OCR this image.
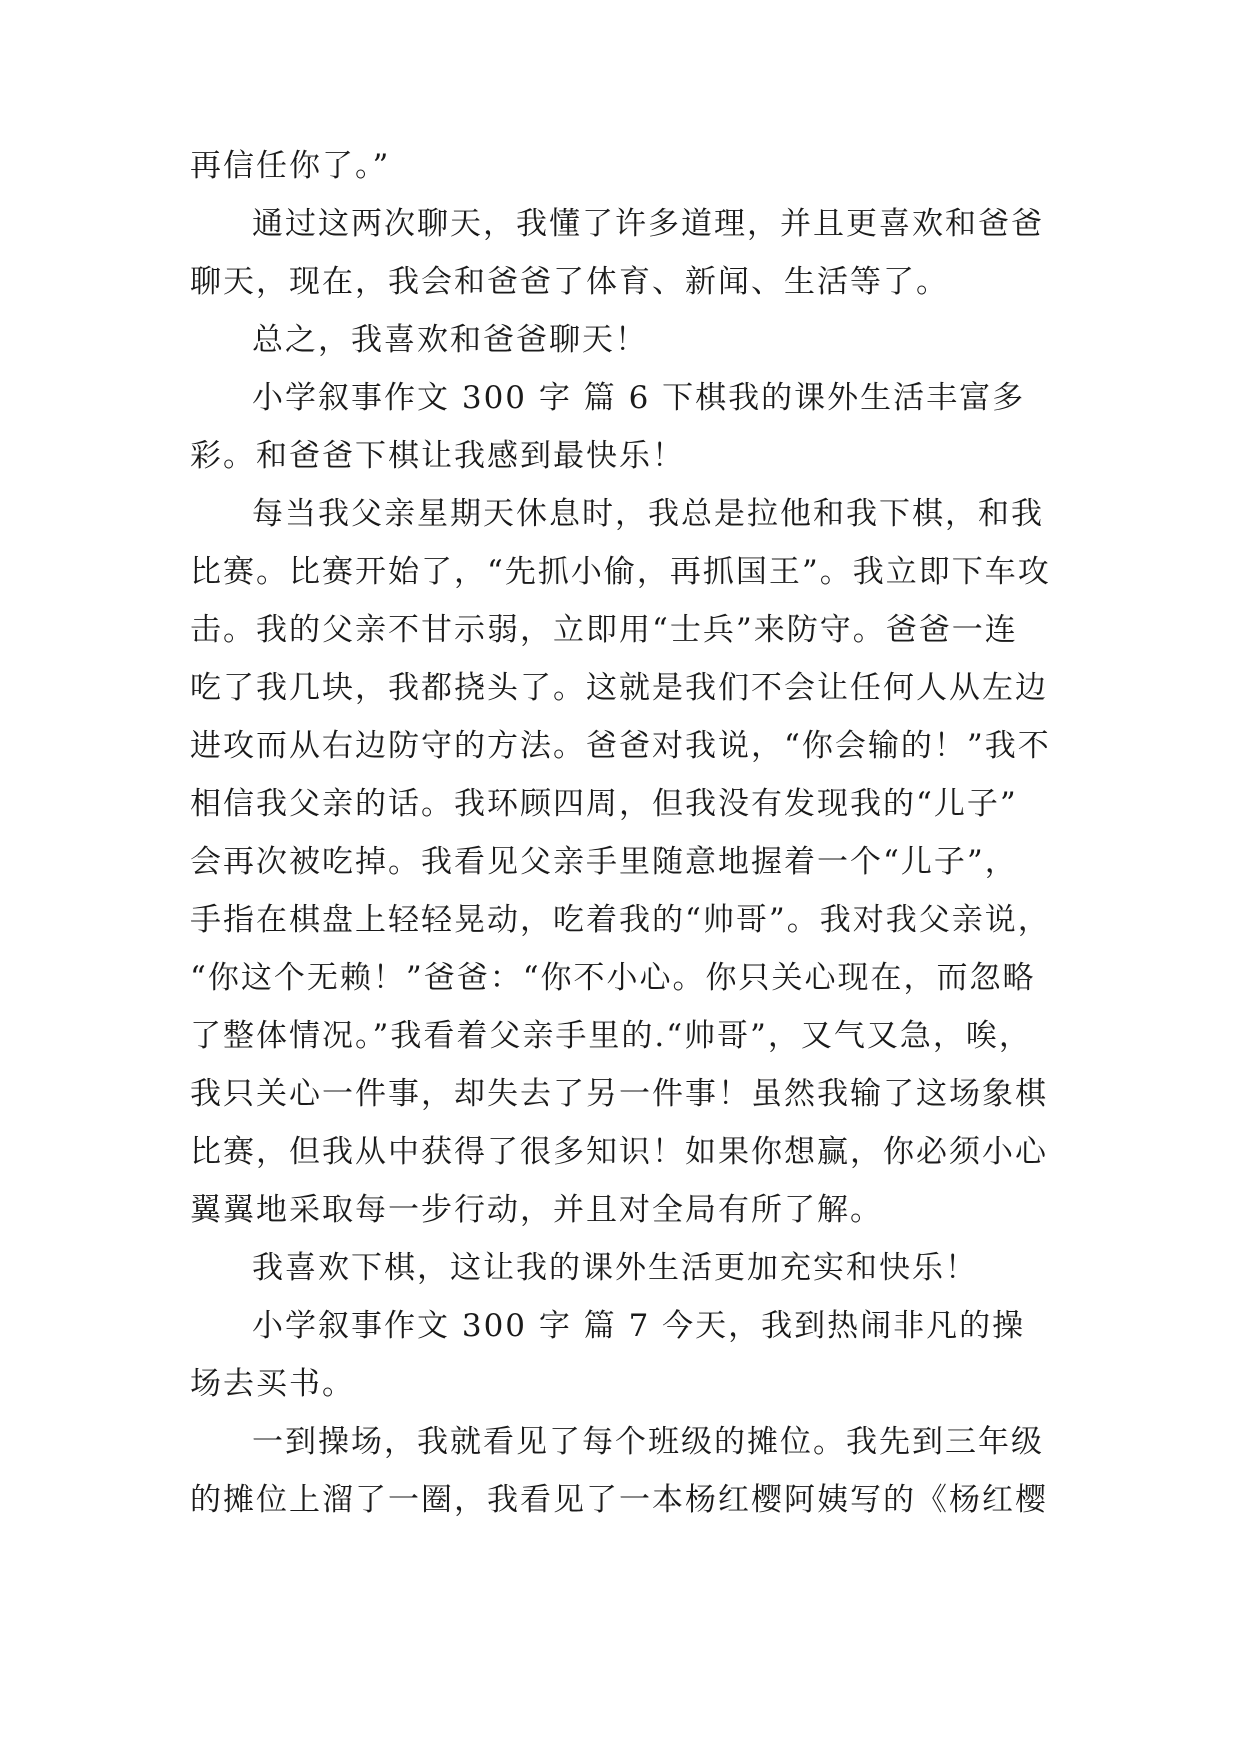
再信任你了。”
通过这两次聊天，我懂了许多道理，并且更喜欢和爸爸
聊天，现在，我会和爸爸了体育、新闻、生活等了。
总之，我喜欢和爸爸聊天！
小学叙事作文 300 字 篇 6 下棋我的课外生活丰富多
彩。和爸爸下棋让我感到最快乐！
每当我父亲星期天休息时，我总是拉他和我下棋，和我
比赛。比赛开始了，“先抓小偷，再抓国王”。我立即下车攻
击。我的父亲不甘示弱，立即用“士兵”来防守。爸爸一连
吃了我几块，我都挠头了。这就是我们不会让任何人从左边
进攻而从右边防守的方法。爸爸对我说，“你会输的！”我不
相信我父亲的话。我环顾四周，但我没有发现我的“儿子”
会再次被吃掉。我看见父亲手里随意地握着一个“儿子”，
手指在棋盘上轻轻晃动，吃着我的“帅哥”。我对我父亲说，
“你这个无赖！”爸爸：“你不小心。你只关心现在，而忽略
了整体情况。”我看着父亲手里的.“帅哥”，又气又急，唉，
我只关心一件事，却失去了另一件事！虽然我输了这场象棋
比赛，但我从中获得了很多知识！如果你想赢，你必须小心
翼翼地采取每一步行动，并且对全局有所了解。
我喜欢下棋，这让我的课外生活更加充实和快乐！
小学叙事作文 300 字 篇 7 今天，我到热闹非凡的操
场去买书。
一到操场，我就看见了每个班级的摊位。我先到三年级
的摊位上溜了一圈，我看见了一本杨红樱阿姨写的《杨红樱
